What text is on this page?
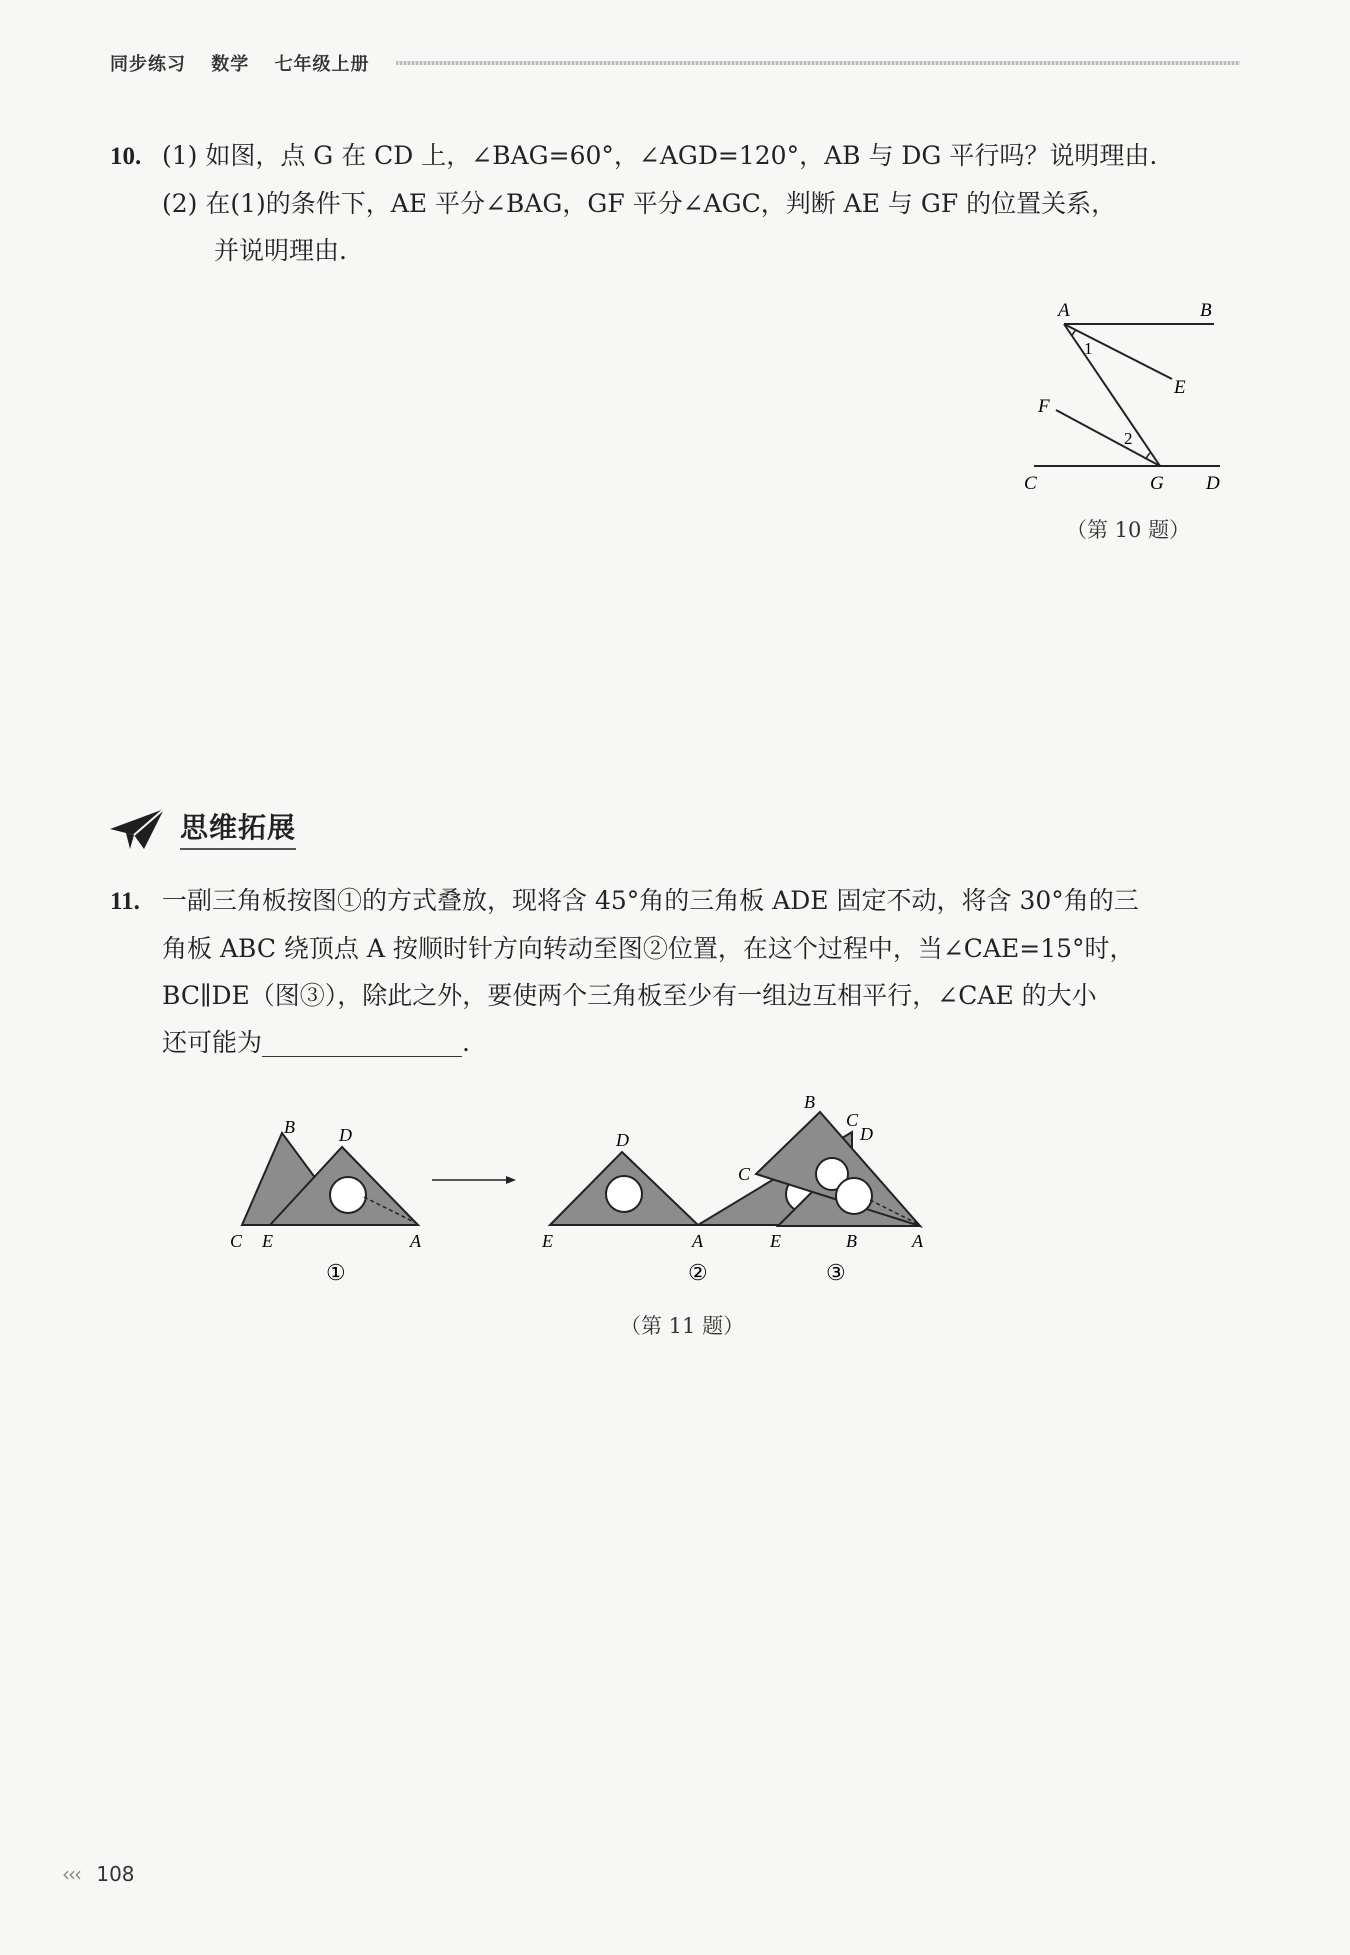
同步练习 数学 七年级上册
10. (1) 如图，点 G 在 CD 上，∠BAG=60°，∠AGD=120°，AB 与 DG 平行吗？说明理由.
(2) 在(1)的条件下，AE 平分∠BAG，GF 平分∠AGC，判断 AE 与 GF 的位置关系，
并说明理由.
A	B
E
F
C	G D
1
2
（第 10 题）
思维拓展
11. 一副三角板按图①的方式叠放，现将含 45°角的三角板 ADE 固定不动，将含 30°角的三
角板 ABC 绕顶点 A 按顺时针方向转动至图②位置，在这个过程中，当∠CAE=15°时，
BC∥DE（图③），除此之外，要使两个三角板至少有一组边互相平行，∠CAE 的大小
还可能为	.
B D
C E	A
①
D
C
E	A	B
②
B
D
C
E	A
③
（第 11 题）
‹‹‹ 108
